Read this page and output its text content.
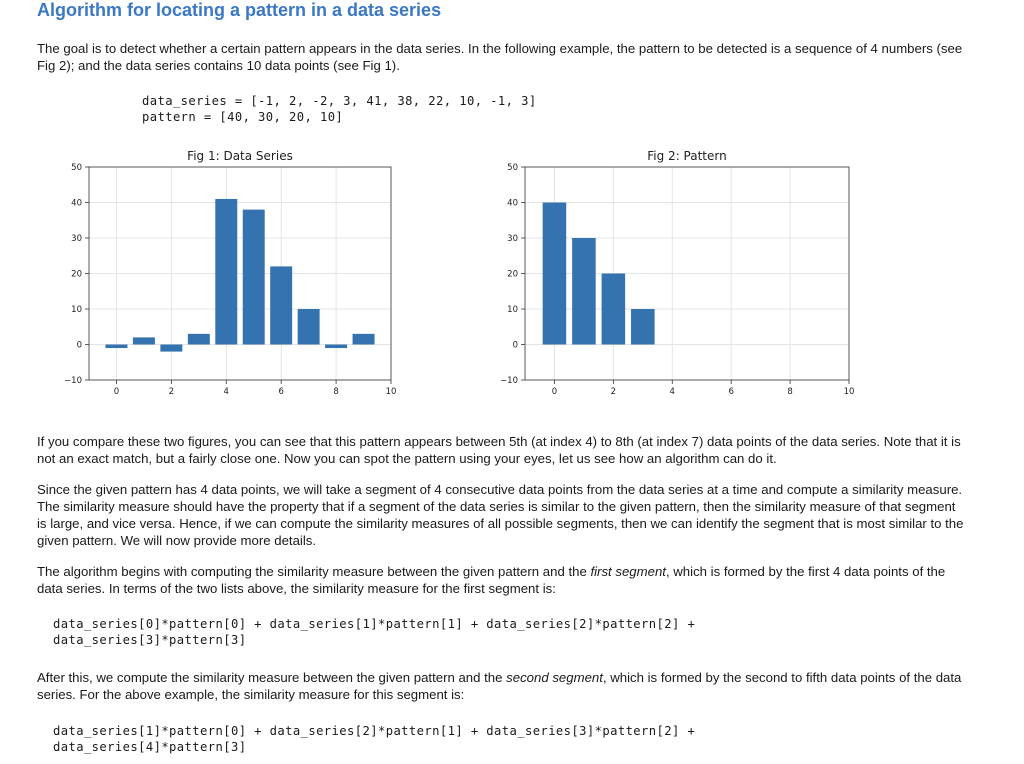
Algorithm for locating a pattern in a data series

The goal is to detect whether a certain pattern appears in the data series. In the following example, the pattern to be detected is a sequence of 4 numbers (see Fig 2); and the data series contains 10 data points (see Fig 1).

data_series = [-1, 2, -2, 3, 41, 38, 22, 10, -1, 3]
pattern = [40, 30, 20, 10]
Fig 1: Data Series
−10
0
10
20
30
40
50
0	2	4	6	8	10
Fig 2: Pattern
−10
0
10
20
30
40
50
0	2	4	6	8	10

If you compare these two figures, you can see that this pattern appears between 5th (at index 4) to 8th (at index 7) data points of the data series. Note that it is not an exact match, but a fairly close one. Now you can spot the pattern using your eyes, let us see how an algorithm can do it.

Since the given pattern has 4 data points, we will take a segment of 4 consecutive data points from the data series at a time and compute a similarity measure. The similarity measure should have the property that if a segment of the data series is similar to the given pattern, then the similarity measure of that segment is large, and vice versa. Hence, if we can compute the similarity measures of all possible segments, then we can identify the segment that is most similar to the given pattern. We will now provide more details.

The algorithm begins with computing the similarity measure between the given pattern and the first segment, which is formed by the first 4 data points of the data series. In terms of the two lists above, the similarity measure for the first segment is:

data_series[0]*pattern[0] + data_series[1]*pattern[1] + data_series[2]*pattern[2] +
data_series[3]*pattern[3]

After this, we compute the similarity measure between the given pattern and the second segment, which is formed by the second to fifth data points of the data series. For the above example, the similarity measure for this segment is:

data_series[1]*pattern[0] + data_series[2]*pattern[1] + data_series[3]*pattern[2] +
data_series[4]*pattern[3]
